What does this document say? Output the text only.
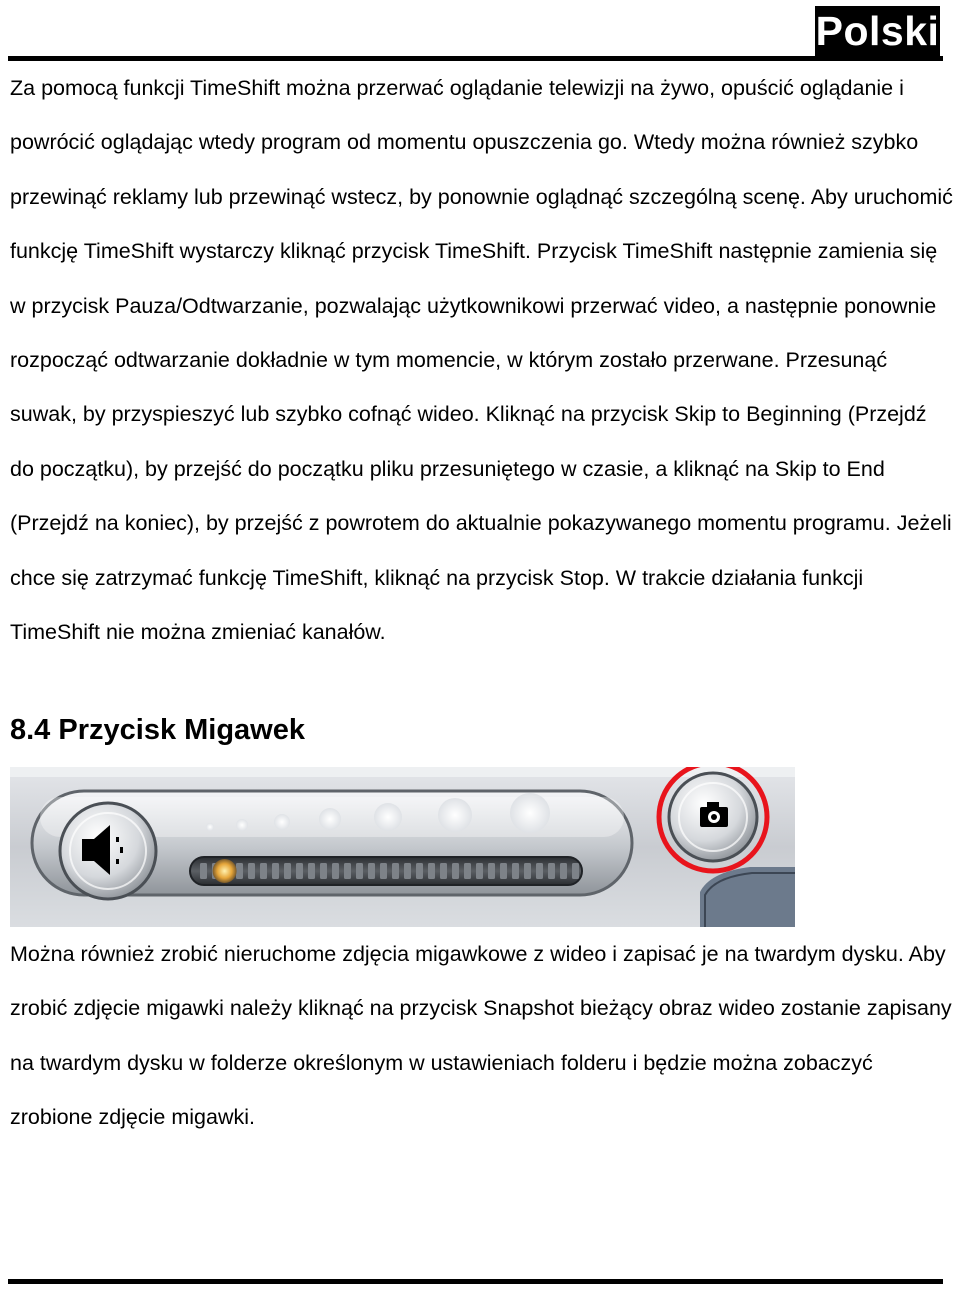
Polski

Za pomocą funkcji TimeShift można przerwać oglądanie telewizji na żywo, opuścić oglądanie i powrócić oglądając wtedy program od momentu opuszczenia go. Wtedy można również szybko przewinąć reklamy lub przewinąć wstecz, by ponownie oglądnąć szczególną scenę. Aby uruchomić funkcję TimeShift wystarczy kliknąć przycisk TimeShift. Przycisk TimeShift następnie zamienia się w przycisk Pauza/Odtwarzanie, pozwalając użytkownikowi przerwać video, a następnie ponownie rozpocząć odtwarzanie dokładnie w tym momencie, w którym zostało przerwane. Przesunąć suwak, by przyspieszyć lub szybko cofnąć wideo. Kliknąć na przycisk Skip to Beginning (Przejdź do początku), by przejść do początku pliku przesuniętego w czasie, a kliknąć na Skip to End (Przejdź na koniec), by przejść z powrotem do aktualnie pokazywanego momentu programu. Jeżeli chce się zatrzymać funkcję TimeShift, kliknąć na przycisk Stop. W trakcie działania funkcji TimeShift nie można zmieniać kanałów.

8.4 Przycisk Migawek

Można również zrobić nieruchome zdjęcia migawkowe z wideo i zapisać je na twardym dysku. Aby zrobić zdjęcie migawki należy kliknąć na przycisk Snapshot bieżący obraz wideo zostanie zapisany na twardym dysku w folderze określonym w ustawieniach folderu i będzie można zobaczyć zrobione zdjęcie migawki.
